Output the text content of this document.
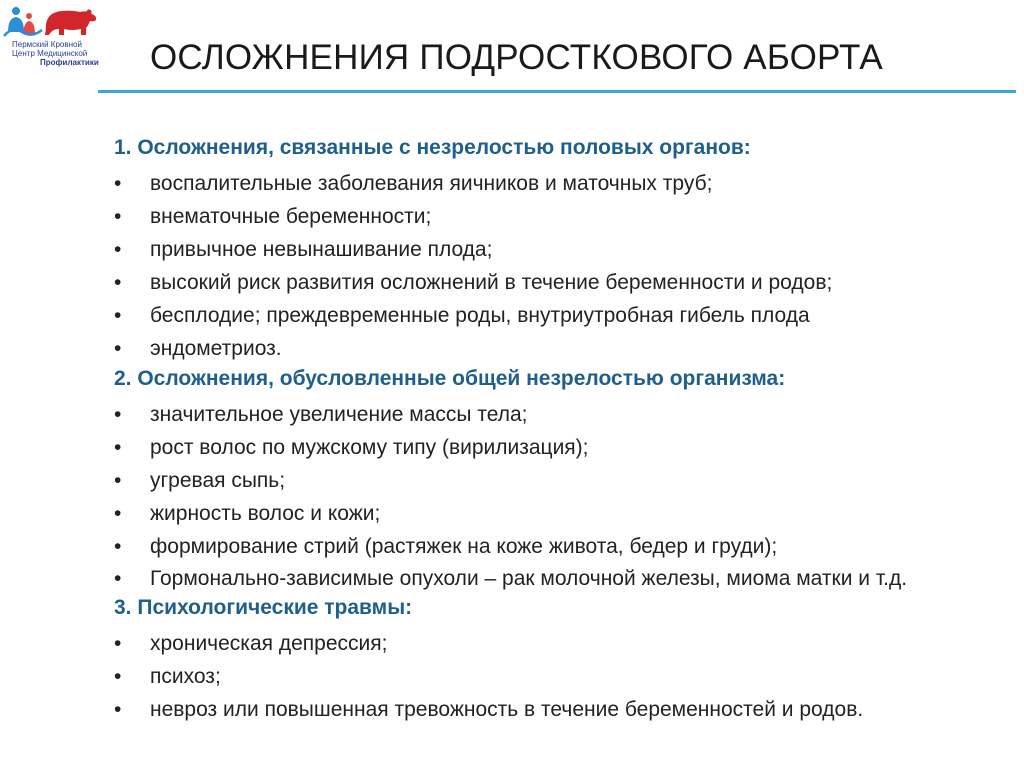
Пермский Кровной
Центр Медицинской
Профилактики ОСЛОЖНЕНИЯ ПОДРОСТКОВОГО АБОРТА
1. Осложнения, связанные с незрелостью половых органов:
•	воспалительные заболевания яичников и маточных труб;
•	внематочные беременности;
•	привычное невынашивание плода;
•	высокий риск развития осложнений в течение беременности и родов;
•	бесплодие; преждевременные роды, внутриутробная гибель плода
•	эндометриоз.
2. Осложнения, обусловленные общей незрелостью организма:
•	значительное увеличение массы тела;
•	рост волос по мужскому типу (вирилизация);
•	угревая сыпь;
•	жирность волос и кожи;
•	формирование стрий (растяжек на коже живота, бедер и груди);
•	Гормонально-зависимые опухоли – рак молочной железы, миома матки и т.д.
3. Психологические травмы:
•	хроническая депрессия;
•	психоз;
•	невроз или повышенная тревожность в течение беременностей и родов.
